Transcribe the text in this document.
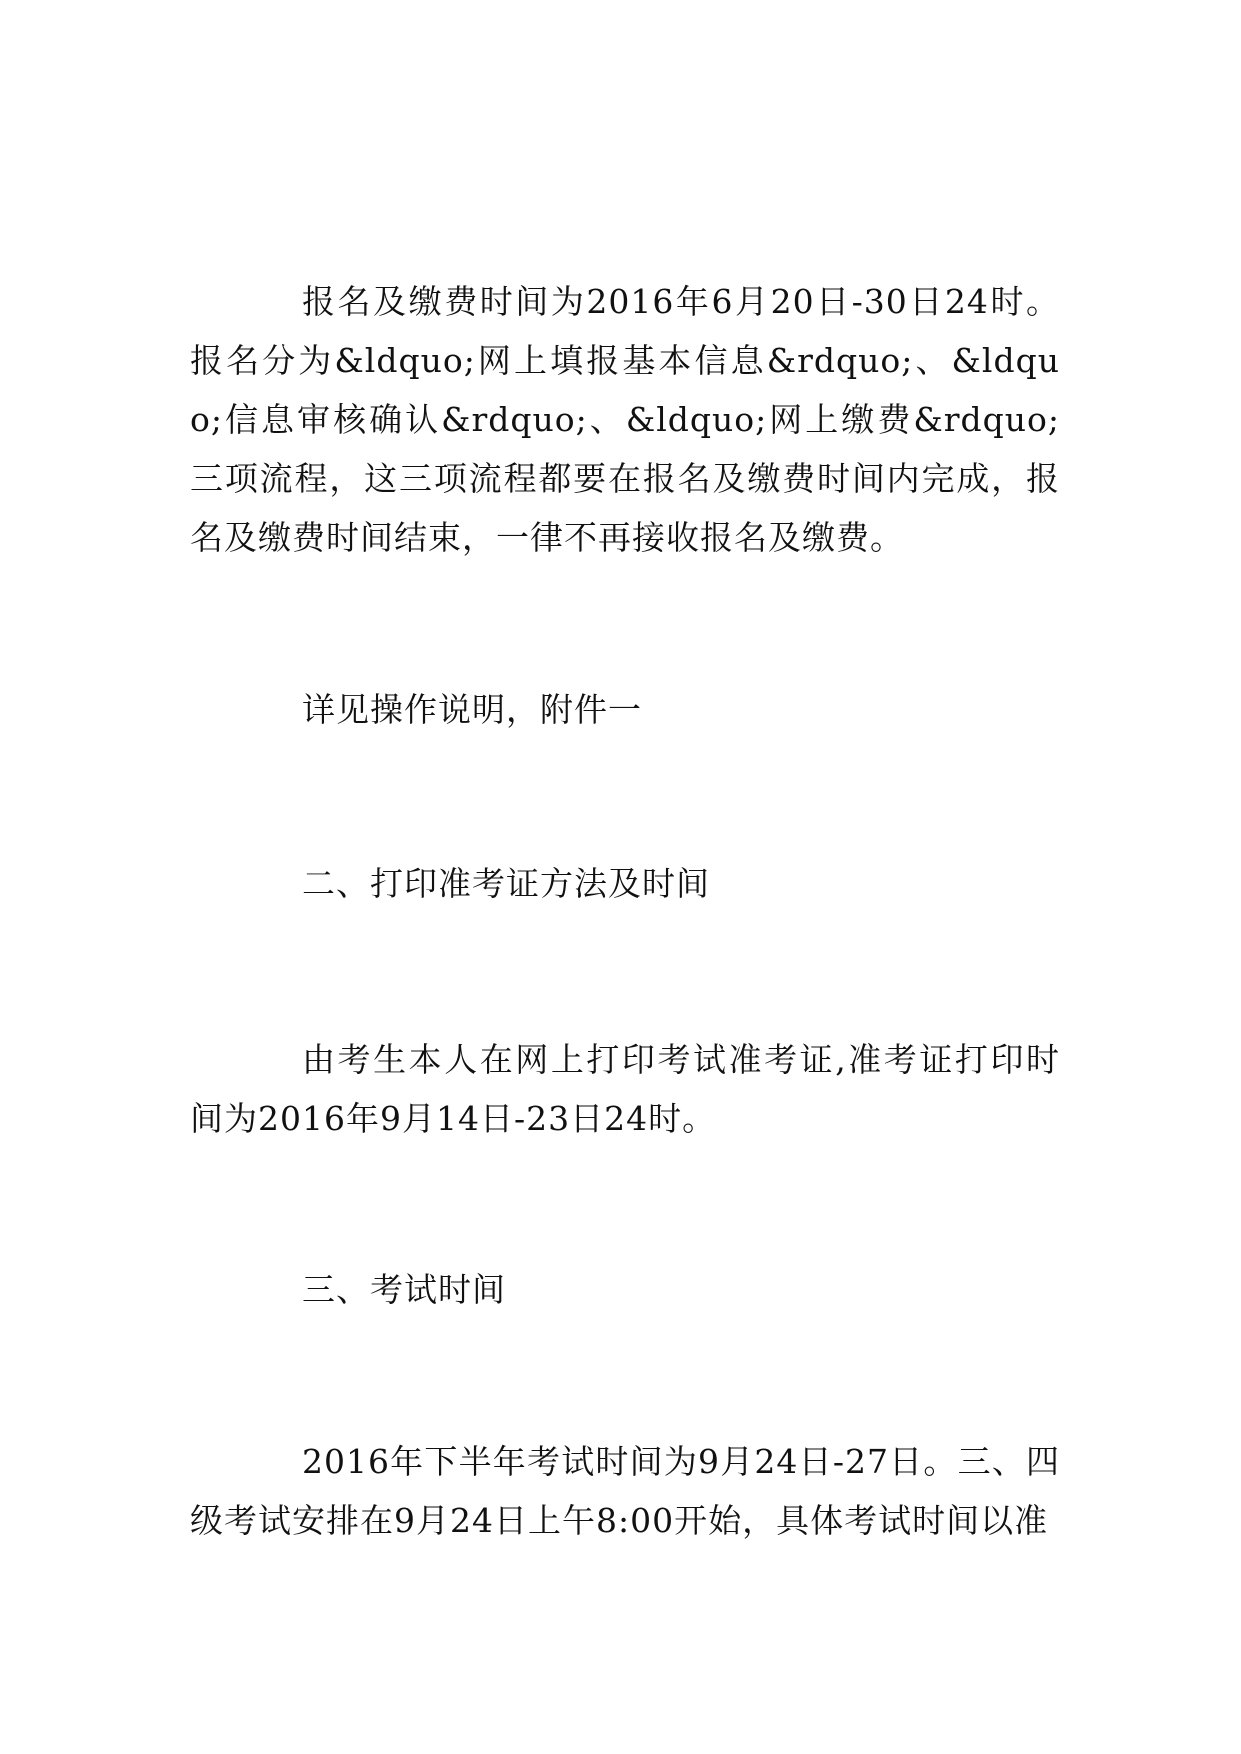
报名及缴费时间为2016年6月20日-30日24时。报名分为&ldquo;网上填报基本信息&rdquo;、&ldquo;信息审核确认&rdquo;、&ldquo;网上缴费&rdquo;三项流程，这三项流程都要在报名及缴费时间内完成，报名及缴费时间结束，一律不再接收报名及缴费。

详见操作说明，附件一

二、打印准考证方法及时间

由考生本人在网上打印考试准考证,准考证打印时间为2016年9月14日-23日24时。

三、考试时间

2016年下半年考试时间为9月24日-27日。三、四级考试安排在9月24日上午8:00开始，具体考试时间以准
